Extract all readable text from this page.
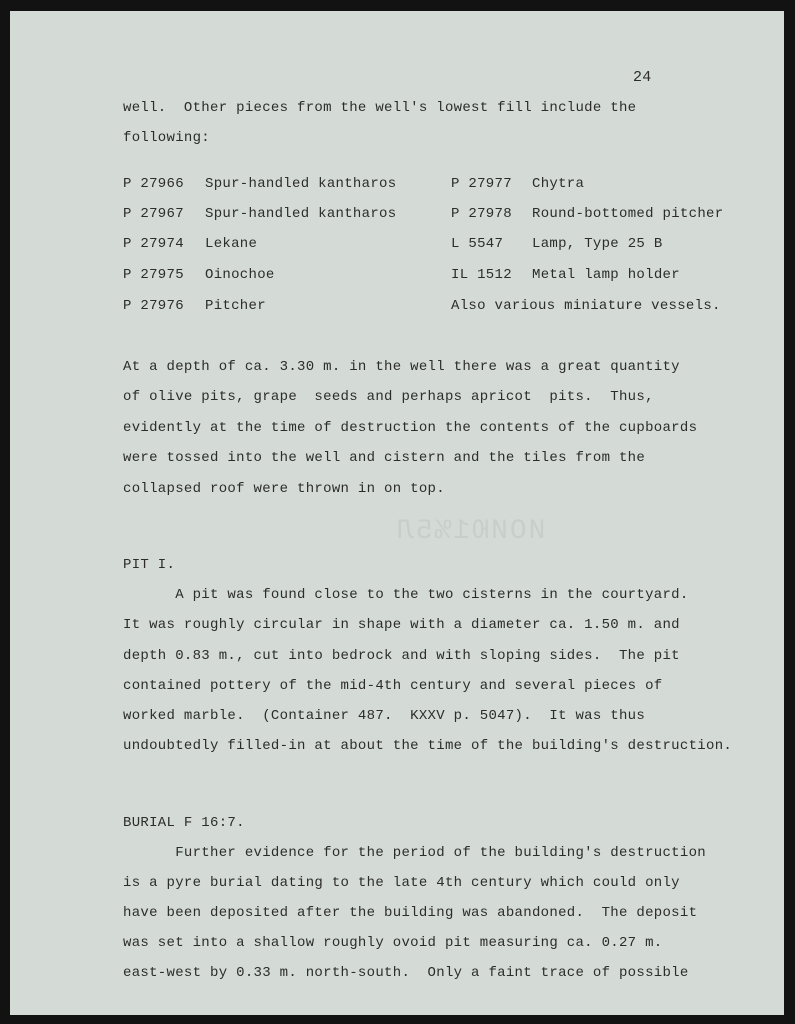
ИОИЮ1%5Л
24
well.  Other pieces from the well's lowest fill include the
following:
P 27966 Spur-handled kantharos
P 27967 Spur-handled kantharos
P 27974 Lekane
P 27975 Oinochoe
P 27976 Pitcher
P 27977 Chytra
P 27978 Round-bottomed pitcher
L 5547 Lamp, Type 25 B
IL 1512 Metal lamp holder
Also various miniature vessels.
At a depth of ca. 3.30 m. in the well there was a great quantity
of olive pits, grape  seeds and perhaps apricot  pits.  Thus,
evidently at the time of destruction the contents of the cupboards
were tossed into the well and cistern and the tiles from the
collapsed roof were thrown in on top.
PIT I.
A pit was found close to the two cisterns in the courtyard.
It was roughly circular in shape with a diameter ca. 1.50 m. and
depth 0.83 m., cut into bedrock and with sloping sides.  The pit
contained pottery of the mid-4th century and several pieces of
worked marble.  (Container 487.  KXXV p. 5047).  It was thus
undoubtedly filled-in at about the time of the building's destruction.
BURIAL F 16:7.
Further evidence for the period of the building's destruction
is a pyre burial dating to the late 4th century which could only
have been deposited after the building was abandoned.  The deposit
was set into a shallow roughly ovoid pit measuring ca. 0.27 m.
east-west by 0.33 m. north-south.  Only a faint trace of possible
